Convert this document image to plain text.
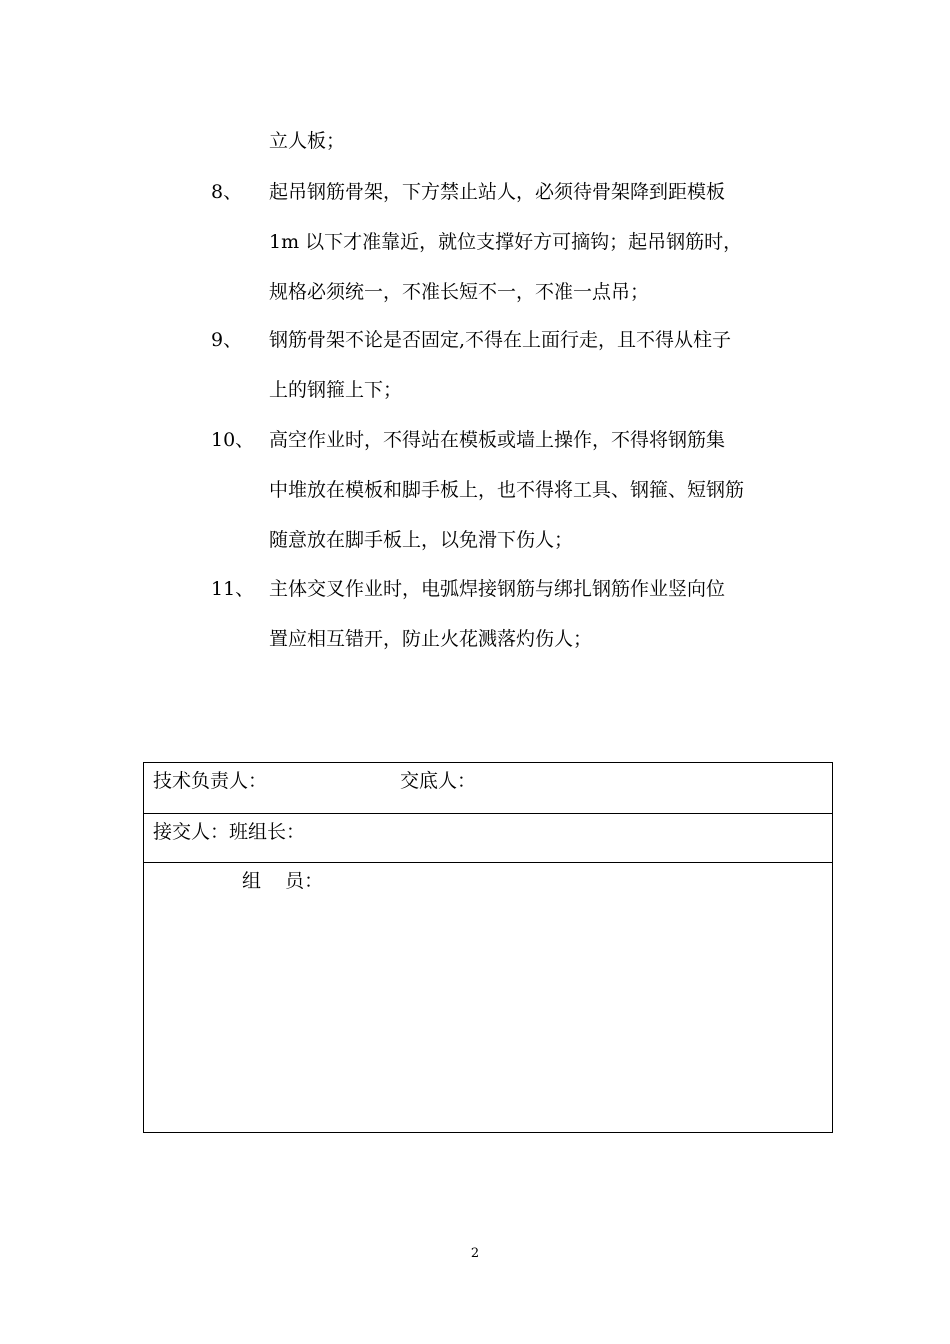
立人板；
8、 起吊钢筋骨架，下方禁止站人，必须待骨架降到距模板
1m 以下才准靠近，就位支撑好方可摘钩；起吊钢筋时，
规格必须统一，不准长短不一，不准一点吊；
9、 钢筋骨架不论是否固定,不得在上面行走，且不得从柱子
上的钢箍上下；
10、 高空作业时，不得站在模板或墙上操作，不得将钢筋集
中堆放在模板和脚手板上，也不得将工具、钢箍、短钢筋
随意放在脚手板上，以免滑下伤人；
11、 主体交叉作业时，电弧焊接钢筋与绑扎钢筋作业竖向位
置应相互错开，防止火花溅落灼伤人；
技术负责人：	交底人：
接交人：班组长：
组    员：
2
